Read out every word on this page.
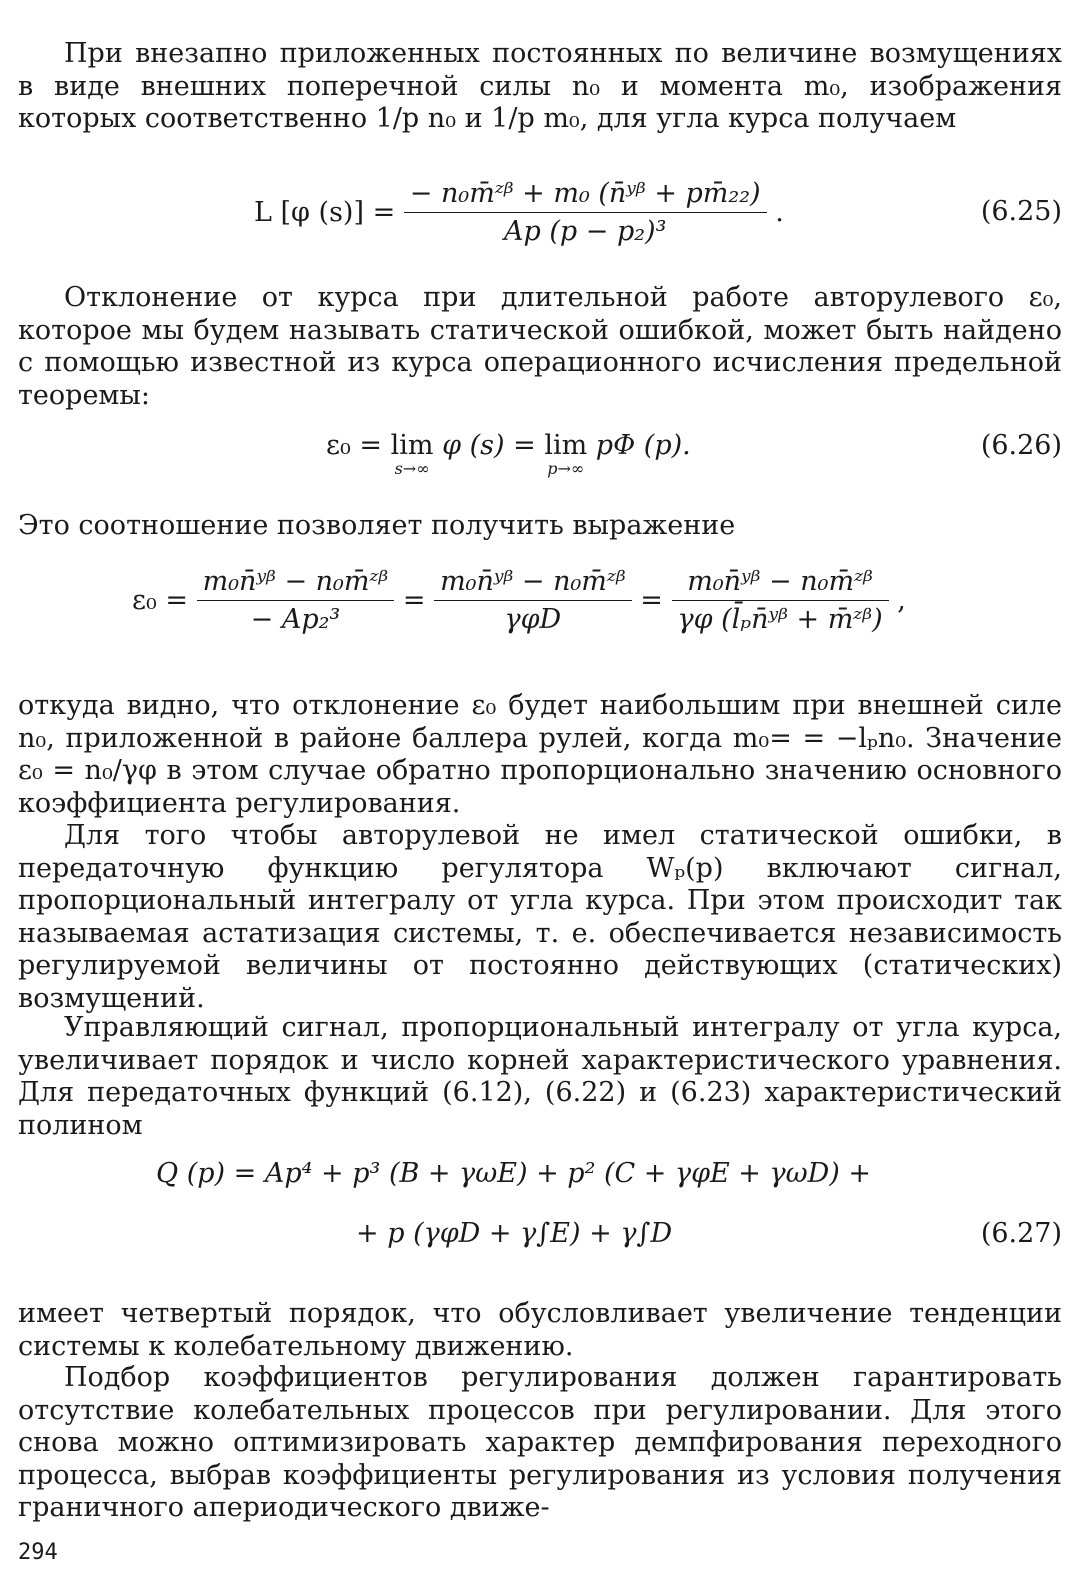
При внезапно приложенных постоянных по величине возмущениях в виде внешних поперечной силы n₀ и момента m₀, изображения которых соответственно 1/p n₀ и 1/p m₀, для угла курса получаем

L [φ $(s)] = \frac{\text{− n₀m̄ᶻᵝ + m₀ (n̄ʸᵝ + pm̄₂₂)}}{\text{Ap (p − p₂)³}}$ .	(6.25)

Отклонение от курса при длительной работе авторулевого ε₀, которое мы будем называть статической ошибкой, может быть найдено с помощью известной из курса операционного исчисления предельной теоремы:

ε₀ = lim
s→∞
φ (s) = lim
p→∞
pΦ (p).	(6.26)

Это соотношение позволяет получить выражение

$\varepsilon_0 = \frac{\text{m₀n̄ʸᵝ − n₀m̄ᶻᵝ}}{\text{− Ap₂³}} = \frac{\text{m₀n̄ʸᵝ − n₀m̄ᶻᵝ}}{\text{γφD}} = \frac{\text{m₀n̄ʸᵝ − n₀m̄ᶻᵝ}}{\text{γφ (l̄ₚn̄ʸᵝ + m̄ᶻᵝ)}}$ ,

откуда видно, что отклонение ε₀ будет наибольшим при внешней силе n₀, приложенной в районе баллера рулей, когда m₀= = −lₚn₀. Значение ε₀ = n₀/γφ в этом случае обратно пропорционально значению основного коэффициента регулирования.

Для того чтобы авторулевой не имел статической ошибки, в передаточную функцию регулятора Wₚ(p) включают сигнал, пропорциональный интегралу от угла курса. При этом происходит так называемая астатизация системы, т. е. обеспечивается независимость регулируемой величины от постоянно действующих (статических) возмущений.

Управляющий сигнал, пропорциональный интегралу от угла курса, увеличивает порядок и число корней характеристического уравнения. Для передаточных функций (6.12), (6.22) и (6.23) характеристический полином

Q (p) = Ap⁴ + p³ (B + γωE) + p² (C + γφE + γωD) +
+ p (γφD + γ∫E) + γ∫D	(6.27)

имеет четвертый порядок, что обусловливает увеличение тенденции системы к колебательному движению.

Подбор коэффициентов регулирования должен гарантировать отсутствие колебательных процессов при регулировании. Для этого снова можно оптимизировать характер демпфирования переходного процесса, выбрав коэффициенты регулирования из условия получения граничного апериодического движе-

294
